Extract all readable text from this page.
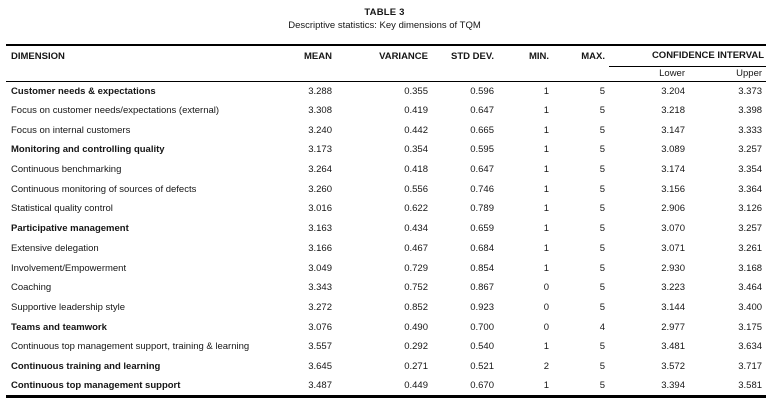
TABLE 3
Descriptive statistics: Key dimensions of TQM
DIMENSION	MEAN	VARIANCE	STD DEV.	MIN.	MAX.	CONFIDENCE INTERVAL	
						Lower	Upper
Customer needs & expectations	3.288	0.355	0.596	1	5	3.204	3.373
Focus on customer needs/expectations (external)	3.308	0.419	0.647	1	5	3.218	3.398
Focus on internal customers	3.240	0.442	0.665	1	5	3.147	3.333
Monitoring and controlling quality	3.173	0.354	0.595	1	5	3.089	3.257
Continuous benchmarking	3.264	0.418	0.647	1	5	3.174	3.354
Continuous monitoring of sources of defects	3.260	0.556	0.746	1	5	3.156	3.364
Statistical quality control	3.016	0.622	0.789	1	5	2.906	3.126
Participative management	3.163	0.434	0.659	1	5	3.070	3.257
Extensive delegation	3.166	0.467	0.684	1	5	3.071	3.261
Involvement/Empowerment	3.049	0.729	0.854	1	5	2.930	3.168
Coaching	3.343	0.752	0.867	0	5	3.223	3.464
Supportive leadership style	3.272	0.852	0.923	0	5	3.144	3.400
Teams and teamwork	3.076	0.490	0.700	0	4	2.977	3.175
Continuous top management support, training & learning	3.557	0.292	0.540	1	5	3.481	3.634
Continuous training and learning	3.645	0.271	0.521	2	5	3.572	3.717
Continuous top management support	3.487	0.449	0.670	1	5	3.394	3.581
